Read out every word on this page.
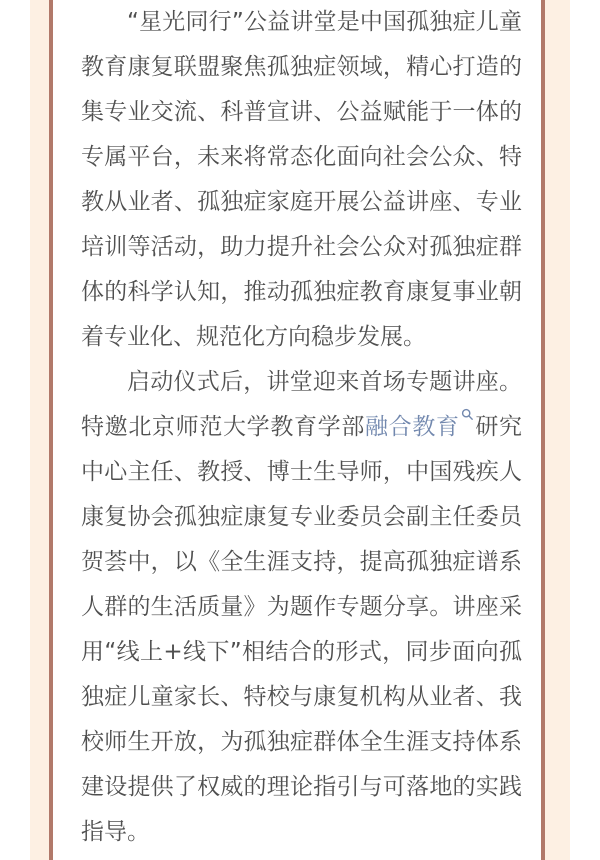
“星光同行”公益讲堂是中国孤独症儿童教育康复联盟聚焦孤独症领域，精心打造的集专业交流、科普宣讲、公益赋能于一体的专属平台，未来将常态化面向社会公众、特教从业者、孤独症家庭开展公益讲座、专业培训等活动，助力提升社会公众对孤独症群体的科学认知，推动孤独症教育康复事业朝着专业化、规范化方向稳步发展。

启动仪式后，讲堂迎来首场专题讲座。特邀北京师范大学教育学部融合教育 研究中心主任、教授、博士生导师，中国残疾人康复协会孤独症康复专业委员会副主任委员贺荟中，以《全生涯支持，提高孤独症谱系人群的生活质量》为题作专题分享。讲座采用“线上+线下”相结合的形式，同步面向孤独症儿童家长、特校与康复机构从业者、我校师生开放，为孤独症群体全生涯支持体系建设提供了权威的理论指引与可落地的实践指导。
